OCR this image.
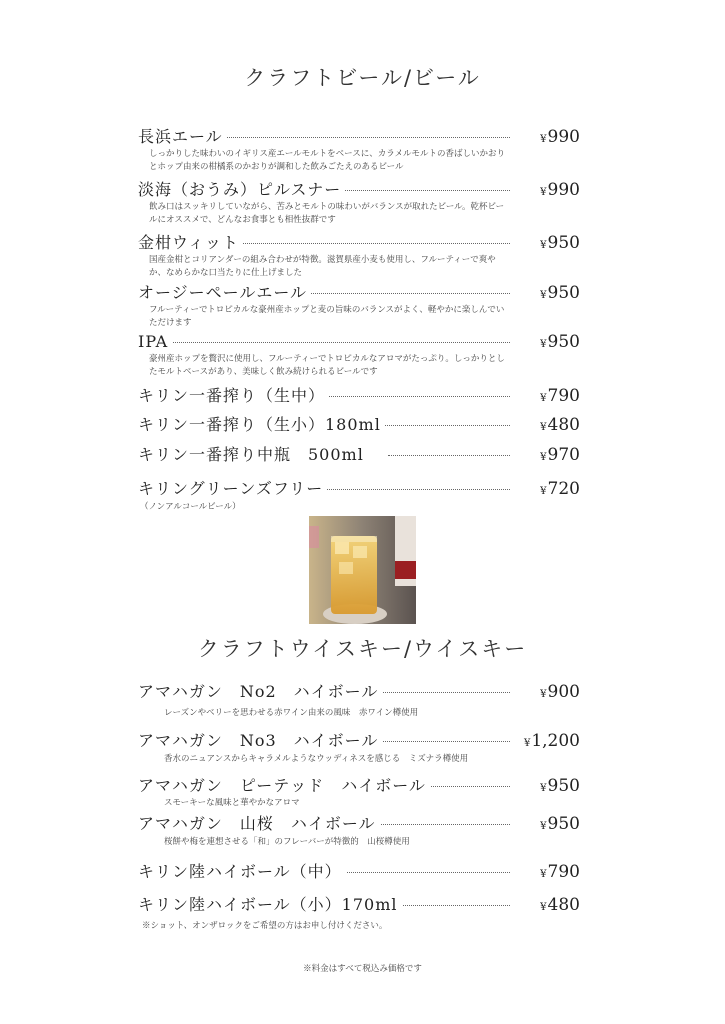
クラフトビール/ビール
長浜エール	¥990
しっかりした味わいのイギリス産エールモルトをベースに、カラメルモルトの香ばしいかおりとホップ由来の柑橘系のかおりが調和した飲みごたえのあるビール
淡海（おうみ）ピルスナー	¥990
飲み口はスッキリしていながら、苦みとモルトの味わいがバランスが取れたビール。乾杯ビールにオススメで、どんなお食事とも相性抜群です
金柑ウィット	¥950
国産金柑とコリアンダーの組み合わせが特徴。滋賀県産小麦も使用し、フルーティーで爽やか、なめらかな口当たりに仕上げました
オージーペールエール	¥950
フルーティーでトロピカルな豪州産ホップと麦の旨味のバランスがよく、軽やかに楽しんでいただけます
IPA	¥950
豪州産ホップを贅沢に使用し、フルーティーでトロピカルなアロマがたっぷり。しっかりとしたモルトベースがあり、美味しく飲み続けられるビールです
キリン一番搾り（生中）	¥790
キリン一番搾り（生小）180ml	¥480
キリン一番搾り中瓶　500ml	¥970
キリングリーンズフリー	¥720
（ノンアルコールビール）
クラフトウイスキー/ウイスキー
アマハガン　No2　ハイボール	¥900
レーズンやベリーを思わせる赤ワイン由来の風味　赤ワイン樽使用
アマハガン　No3　ハイボール	¥1,200
香水のニュアンスからキャラメルようなウッディネスを感じる　ミズナラ樽使用
アマハガン　ピーテッド　ハイボール	¥950
スモーキーな風味と華やかなアロマ
アマハガン　山桜　ハイボール	¥950
桜餅や梅を連想させる「和」のフレーバーが特徴的　山桜樽使用
キリン陸ハイボール（中）	¥790
キリン陸ハイボール（小）170ml	¥480
※ショット、オンザロックをご希望の方はお申し付けください。
※料金はすべて税込み価格です
